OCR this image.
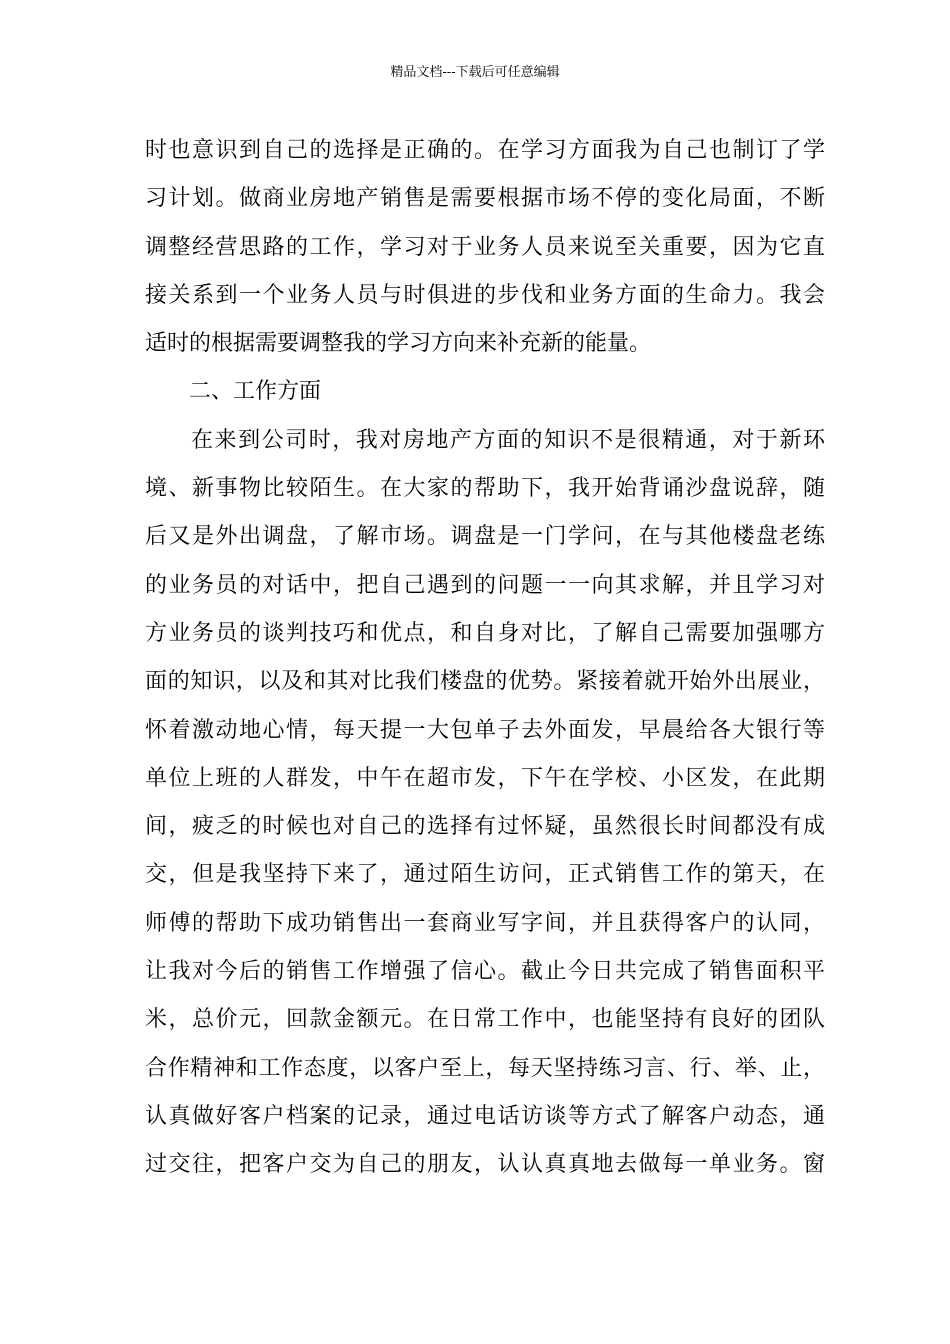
精品文档---下载后可任意编辑
时也意识到自己的选择是正确的。在学习方面我为自己也制订了学
习计划。做商业房地产销售是需要根据市场不停的变化局面，不断
调整经营思路的工作，学习对于业务人员来说至关重要，因为它直
接关系到一个业务人员与时俱进的步伐和业务方面的生命力。我会
适时的根据需要调整我的学习方向来补充新的能量。
二、工作方面
在来到公司时，我对房地产方面的知识不是很精通，对于新环
境、新事物比较陌生。在大家的帮助下，我开始背诵沙盘说辞，随
后又是外出调盘，了解市场。调盘是一门学问，在与其他楼盘老练
的业务员的对话中，把自己遇到的问题一一向其求解，并且学习对
方业务员的谈判技巧和优点，和自身对比，了解自己需要加强哪方
面的知识，以及和其对比我们楼盘的优势。紧接着就开始外出展业，
怀着激动地心情，每天提一大包单子去外面发，早晨给各大银行等
单位上班的人群发，中午在超市发，下午在学校、小区发，在此期
间，疲乏的时候也对自己的选择有过怀疑，虽然很长时间都没有成
交，但是我坚持下来了，通过陌生访问，正式销售工作的第天，在
师傅的帮助下成功销售出一套商业写字间，并且获得客户的认同，
让我对今后的销售工作增强了信心。截止今日共完成了销售面积平
米，总价元，回款金额元。在日常工作中，也能坚持有良好的团队
合作精神和工作态度，以客户至上，每天坚持练习言、行、举、止，
认真做好客户档案的记录，通过电话访谈等方式了解客户动态，通
过交往，把客户交为自己的朋友，认认真真地去做每一单业务。窗
